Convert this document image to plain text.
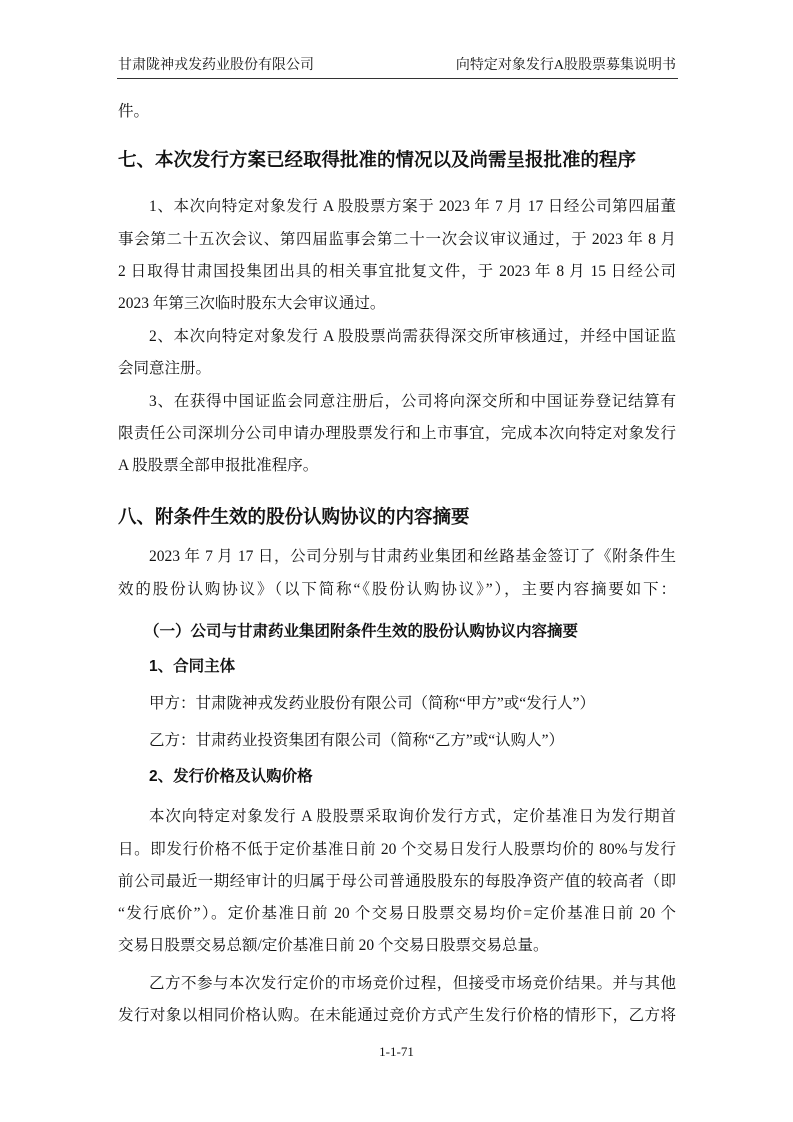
甘肃陇神戎发药业股份有限公司	向特定对象发行A股股票募集说明书
件。
七、本次发行方案已经取得批准的情况以及尚需呈报批准的程序
1、本次向特定对象发行 A 股股票方案于 2023 年 7 月 17 日经公司第四届董
事会第二十五次会议、第四届监事会第二十一次会议审议通过，于 2023 年 8 月
2 日取得甘肃国投集团出具的相关事宜批复文件，于 2023 年 8 月 15 日经公司
2023 年第三次临时股东大会审议通过。
2、本次向特定对象发行 A 股股票尚需获得深交所审核通过，并经中国证监
会同意注册。
3、在获得中国证监会同意注册后，公司将向深交所和中国证券登记结算有
限责任公司深圳分公司申请办理股票发行和上市事宜，完成本次向特定对象发行
A 股股票全部申报批准程序。
八、附条件生效的股份认购协议的内容摘要
2023 年 7 月 17 日，公司分别与甘肃药业集团和丝路基金签订了《附条件生
效的股份认购协议》（以下简称“《股份认购协议》”），主要内容摘要如下：
（一）公司与甘肃药业集团附条件生效的股份认购协议内容摘要
1、合同主体
甲方：甘肃陇神戎发药业股份有限公司（简称“甲方”或“发行人”）
乙方：甘肃药业投资集团有限公司（简称“乙方”或“认购人”）
2、发行价格及认购价格
本次向特定对象发行 A 股股票采取询价发行方式，定价基准日为发行期首
日。即发行价格不低于定价基准日前 20 个交易日发行人股票均价的 80%与发行
前公司最近一期经审计的归属于母公司普通股股东的每股净资产值的较高者（即
“发行底价”）。定价基准日前 20 个交易日股票交易均价=定价基准日前 20 个
交易日股票交易总额/定价基准日前 20 个交易日股票交易总量。
乙方不参与本次发行定价的市场竞价过程，但接受市场竞价结果。并与其他
发行对象以相同价格认购。在未能通过竞价方式产生发行价格的情形下，乙方将
1-1-71
